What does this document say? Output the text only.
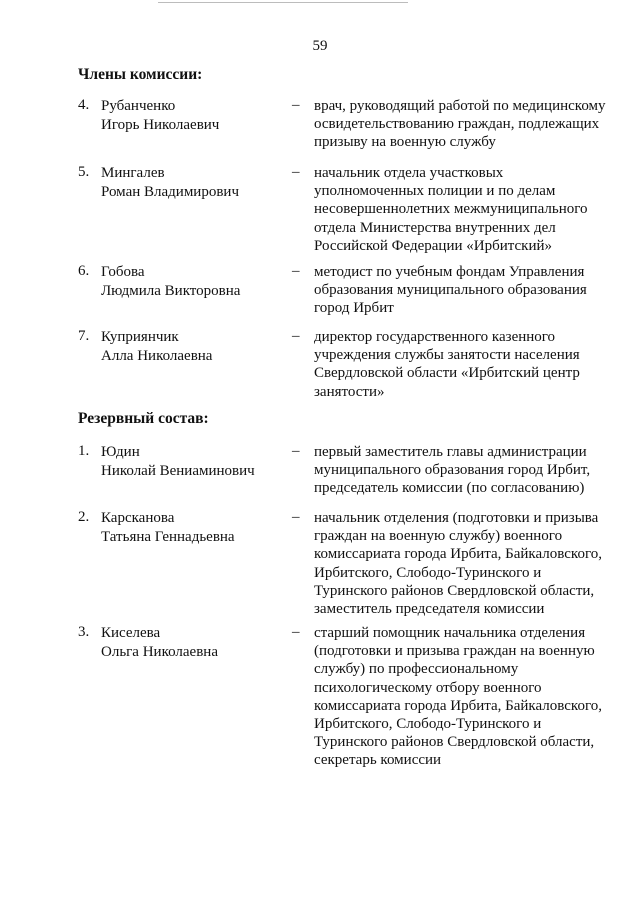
59
Члены комиссии:
4. Рубанченко
Игорь Николаевич
– врач, руководящий работой по медицинскому
освидетельствованию граждан, подлежащих
призыву на военную службу
5. Мингалев
Роман Владимирович
– начальник отдела участковых
уполномоченных полиции и по делам
несовершеннолетних межмуниципального
отдела Министерства внутренних дел
Российской Федерации «Ирбитский»
6. Гобова
Людмила Викторовна
– методист по учебным фондам Управления
образования муниципального образования
город Ирбит
7. Куприянчик
Алла Николаевна
– директор государственного казенного
учреждения службы занятости населения
Свердловской области «Ирбитский центр
занятости»
Резервный состав:
1. Юдин
Николай Вениаминович
– первый заместитель главы администрации
муниципального образования город Ирбит,
председатель комиссии (по согласованию)
2. Карсканова
Татьяна Геннадьевна
– начальник отделения (подготовки и призыва
граждан на военную службу) военного
комиссариата города Ирбита, Байкаловского,
Ирбитского, Слободо-Туринского и
Туринского районов Свердловской области,
заместитель председателя комиссии
3. Киселева
Ольга Николаевна
– старший помощник начальника отделения
(подготовки и призыва граждан на военную
службу) по профессиональному
психологическому отбору военного
комиссариата города Ирбита, Байкаловского,
Ирбитского, Слободо-Туринского и
Туринского районов Свердловской области,
секретарь комиссии
